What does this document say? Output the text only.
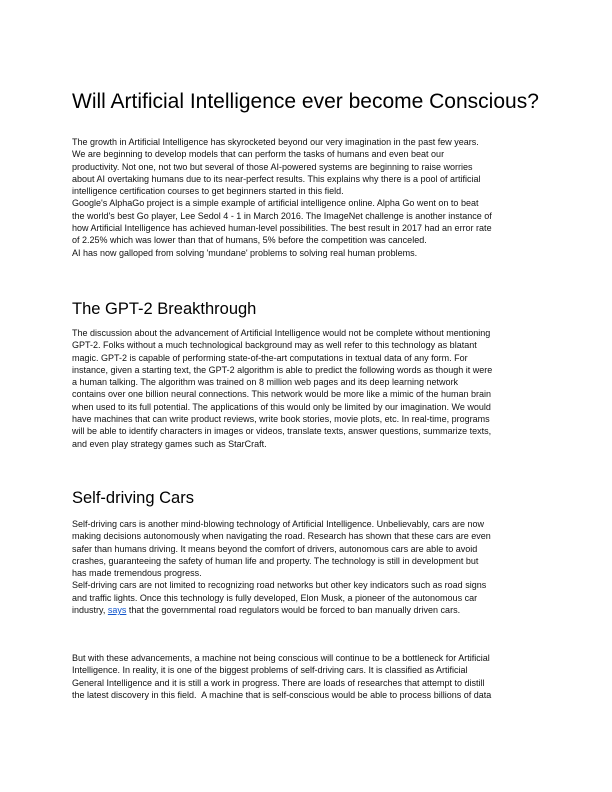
Will Artificial Intelligence ever become Conscious?
The growth in Artificial Intelligence has skyrocketed beyond our very imagination in the past few years.
We are beginning to develop models that can perform the tasks of humans and even beat our
productivity. Not one, not two but several of those AI-powered systems are beginning to raise worries
about AI overtaking humans due to its near-perfect results. This explains why there is a pool of artificial
intelligence certification courses to get beginners started in this field.
Google's AlphaGo project is a simple example of artificial intelligence online. Alpha Go went on to beat
the world's best Go player, Lee Sedol 4 - 1 in March 2016. The ImageNet challenge is another instance of
how Artificial Intelligence has achieved human-level possibilities. The best result in 2017 had an error rate
of 2.25% which was lower than that of humans, 5% before the competition was canceled.
AI has now galloped from solving 'mundane' problems to solving real human problems.
The GPT-2 Breakthrough
The discussion about the advancement of Artificial Intelligence would not be complete without mentioning
GPT-2. Folks without a much technological background may as well refer to this technology as blatant
magic. GPT-2 is capable of performing state-of-the-art computations in textual data of any form. For
instance, given a starting text, the GPT-2 algorithm is able to predict the following words as though it were
a human talking. The algorithm was trained on 8 million web pages and its deep learning network
contains over one billion neural connections. This network would be more like a mimic of the human brain
when used to its full potential. The applications of this would only be limited by our imagination. We would
have machines that can write product reviews, write book stories, movie plots, etc. In real-time, programs
will be able to identify characters in images or videos, translate texts, answer questions, summarize texts,
and even play strategy games such as StarCraft.
Self-driving Cars
Self-driving cars is another mind-blowing technology of Artificial Intelligence. Unbelievably, cars are now
making decisions autonomously when navigating the road. Research has shown that these cars are even
safer than humans driving. It means beyond the comfort of drivers, autonomous cars are able to avoid
crashes, guaranteeing the safety of human life and property. The technology is still in development but
has made tremendous progress.
Self-driving cars are not limited to recognizing road networks but other key indicators such as road signs
and traffic lights. Once this technology is fully developed, Elon Musk, a pioneer of the autonomous car
industry, says that the governmental road regulators would be forced to ban manually driven cars.
But with these advancements, a machine not being conscious will continue to be a bottleneck for Artificial
Intelligence. In reality, it is one of the biggest problems of self-driving cars. It is classified as Artificial
General Intelligence and it is still a work in progress. There are loads of researches that attempt to distill
the latest discovery in this field.  A machine that is self-conscious would be able to process billions of data
